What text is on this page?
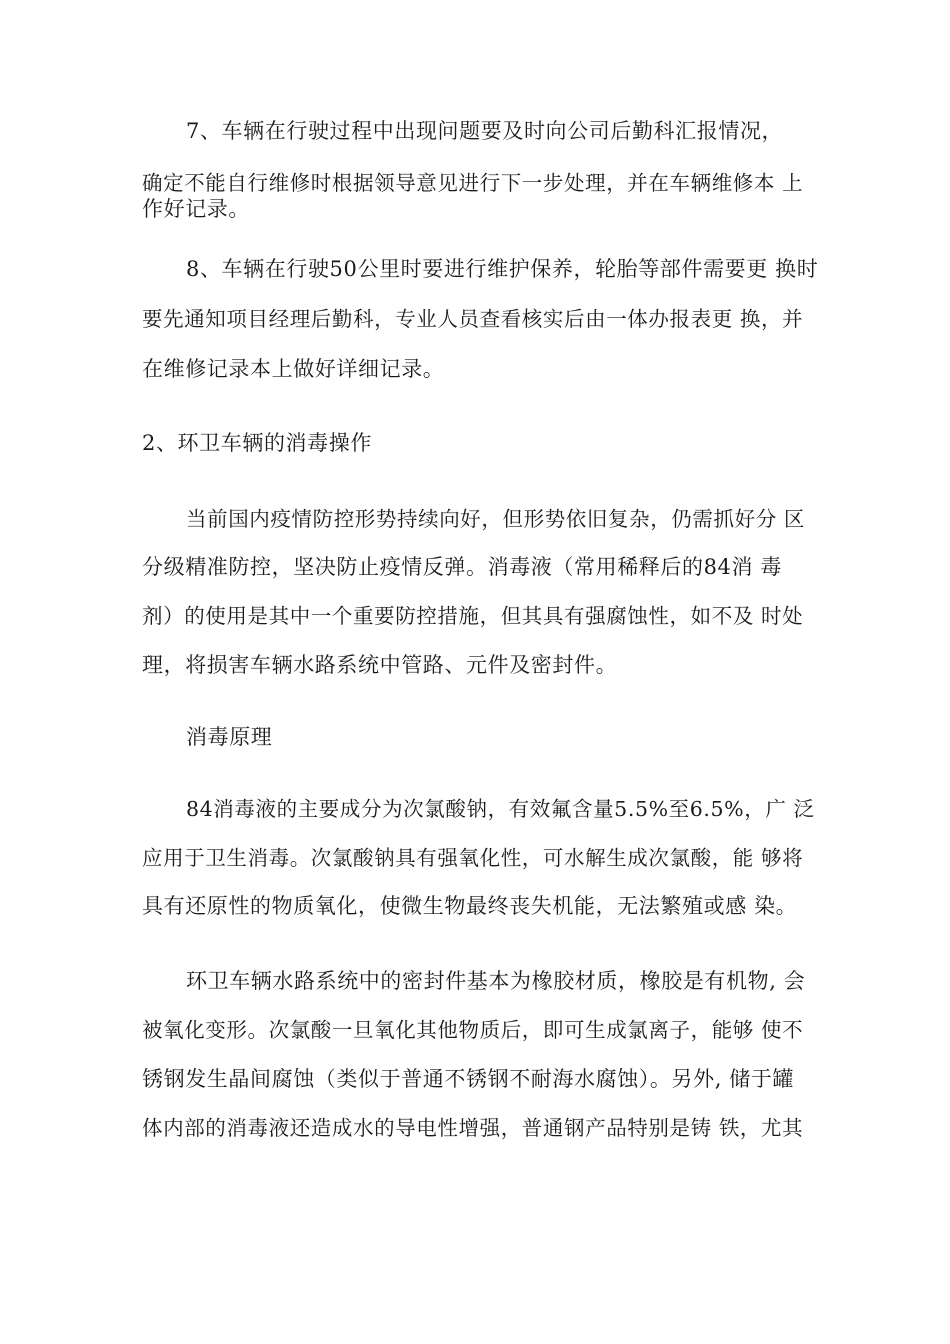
7、车辆在行驶过程中出现问题要及时向公司后勤科汇报情况，
确定不能自行维修时根据领导意见进行下一步处理，并在车辆维修本 上
作好记录。
8、车辆在行驶50公里时要进行维护保养，轮胎等部件需要更 换时
要先通知项目经理后勤科，专业人员查看核实后由一体办报表更 换，并
在维修记录本上做好详细记录。
2、环卫车辆的消毒操作
当前国内疫情防控形势持续向好，但形势依旧复杂，仍需抓好分 区
分级精准防控，坚决防止疫情反弹。消毒液（常用稀释后的84消 毒
剂）的使用是其中一个重要防控措施，但其具有强腐蚀性，如不及 时处
理，将损害车辆水路系统中管路、元件及密封件。
消毒原理
84消毒液的主要成分为次氯酸钠，有效氟含量5.5%至6.5%，广 泛
应用于卫生消毒。次氯酸钠具有强氧化性，可水解生成次氯酸，能 够将
具有还原性的物质氧化，使微生物最终丧失机能，无法繁殖或感 染。
环卫车辆水路系统中的密封件基本为橡胶材质，橡胶是有机物, 会
被氧化变形。次氯酸一旦氧化其他物质后，即可生成氯离子，能够 使不
锈钢发生晶间腐蚀（类似于普通不锈钢不耐海水腐蚀）。另外, 储于罐
体内部的消毒液还造成水的导电性增强，普通钢产品特别是铸 铁，尤其
